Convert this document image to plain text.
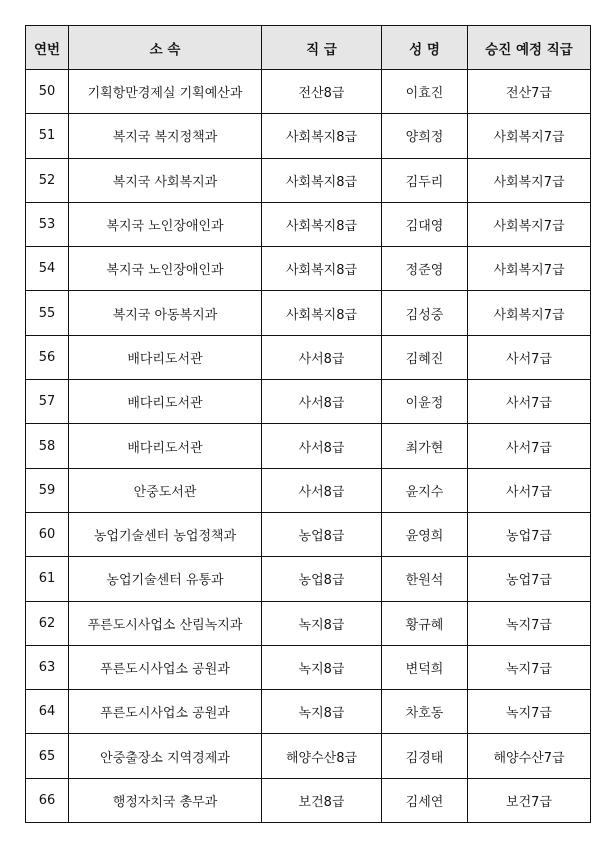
연번	소 속	직 급	성 명	승진 예정 직급
50	기획항만경제실 기획예산과	전산8급	이효진	전산7급
51	복지국 복지정책과	사회복지8급	양희정	사회복지7급
52	복지국 사회복지과	사회복지8급	김두리	사회복지7급
53	복지국 노인장애인과	사회복지8급	김대영	사회복지7급
54	복지국 노인장애인과	사회복지8급	정준영	사회복지7급
55	복지국 아동복지과	사회복지8급	김성중	사회복지7급
56	배다리도서관	사서8급	김혜진	사서7급
57	배다리도서관	사서8급	이윤정	사서7급
58	배다리도서관	사서8급	최가현	사서7급
59	안중도서관	사서8급	윤지수	사서7급
60	농업기술센터 농업정책과	농업8급	윤영희	농업7급
61	농업기술센터 유통과	농업8급	한원석	농업7급
62	푸른도시사업소 산림녹지과	녹지8급	황규혜	녹지7급
63	푸른도시사업소 공원과	녹지8급	변덕희	녹지7급
64	푸른도시사업소 공원과	녹지8급	차호동	녹지7급
65	안중출장소 지역경제과	해양수산8급	김경태	해양수산7급
66	행정자치국 총무과	보건8급	김세연	보건7급
